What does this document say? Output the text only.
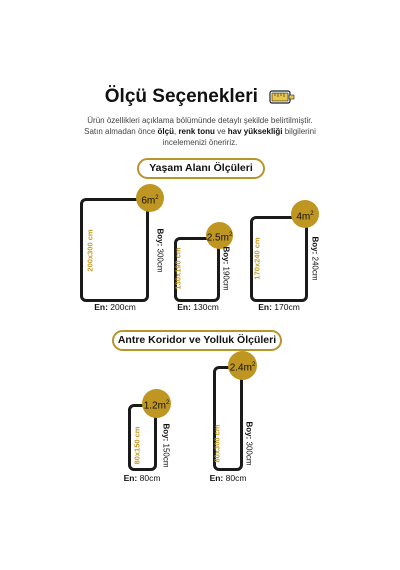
Ölçü Seçenekleri
Ürün özellikleri açıklama bölümünde detaylı şekilde belirtilmiştir.
Satın almadan önce ölçü, renk tonu ve hav yüksekliği bilgilerini
incelemenizi öneririz.
Yaşam Alanı Ölçüleri
$6m^2$
200x300 cm	Boy: 300cm
En: 200cm
$2.5m^2$
130x190 cm	Boy: 190cm
En: 130cm
$4m^2$
170x240 cm	Boy: 240cm
En: 170cm
Antre Koridor ve Yolluk Ölçüleri
$1.2m^2$
80x150 cm	Boy: 150cm
En: 80cm
$2.4m^2$
80x300 cm	Boy: 300cm
En: 80cm
